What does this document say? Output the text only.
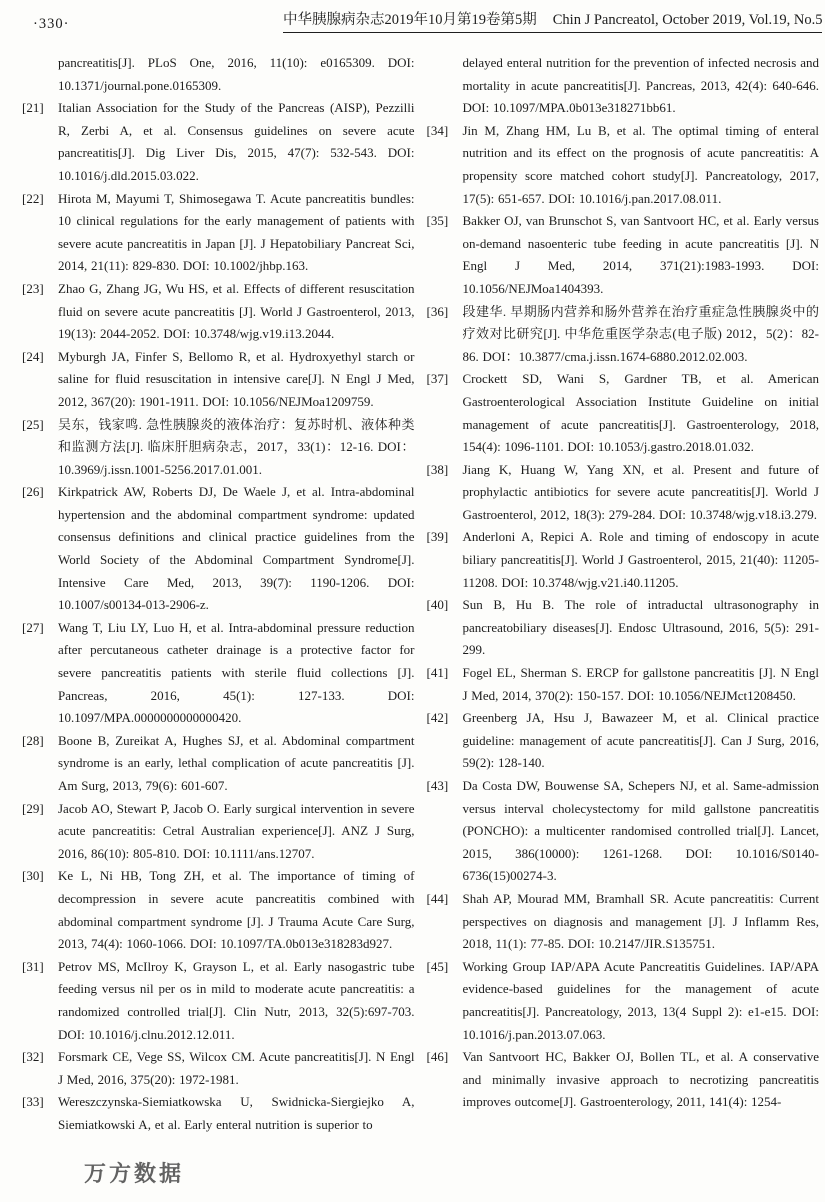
·330·	中华胰腺病杂志2019年10月第19卷第5期 Chin J Pancreatol, October 2019, Vol.19, No.5
pancreatitis[J]. PLoS One, 2016, 11(10): e0165309. DOI: 10.1371/journal.pone.0165309.
[21]	Italian Association for the Study of the Pancreas (AISP), Pezzilli R, Zerbi A, et al. Consensus guidelines on severe acute pancreatitis[J]. Dig Liver Dis, 2015, 47(7): 532-543. DOI: 10.1016/j.dld.2015.03.022.
[22]	Hirota M, Mayumi T, Shimosegawa T. Acute pancreatitis bundles: 10 clinical regulations for the early management of patients with severe acute pancreatitis in Japan [J]. J Hepatobiliary Pancreat Sci, 2014, 21(11): 829-830. DOI: 10.1002/jhbp.163.
[23]	Zhao G, Zhang JG, Wu HS, et al. Effects of different resuscitation fluid on severe acute pancreatitis [J]. World J Gastroenterol, 2013, 19(13): 2044-2052. DOI: 10.3748/wjg.v19.i13.2044.
[24]	Myburgh JA, Finfer S, Bellomo R, et al. Hydroxyethyl starch or saline for fluid resuscitation in intensive care[J]. N Engl J Med, 2012, 367(20): 1901-1911. DOI: 10.1056/NEJMoa1209759.
[25]	吴东，钱家鸣. 急性胰腺炎的液体治疗：复苏时机、液体种类和监测方法[J]. 临床肝胆病杂志，2017，33(1)：12-16. DOI：10.3969/j.issn.1001-5256.2017.01.001.
[26]	Kirkpatrick AW, Roberts DJ, De Waele J, et al. Intra-abdominal hypertension and the abdominal compartment syndrome: updated consensus definitions and clinical practice guidelines from the World Society of the Abdominal Compartment Syndrome[J]. Intensive Care Med, 2013, 39(7): 1190-1206. DOI: 10.1007/s00134-013-2906-z.
[27]	Wang T, Liu LY, Luo H, et al. Intra-abdominal pressure reduction after percutaneous catheter drainage is a protective factor for severe pancreatitis patients with sterile fluid collections [J]. Pancreas, 2016, 45(1): 127-133. DOI: 10.1097/MPA.0000000000000420.
[28]	Boone B, Zureikat A, Hughes SJ, et al. Abdominal compartment syndrome is an early, lethal complication of acute pancreatitis [J]. Am Surg, 2013, 79(6): 601-607.
[29]	Jacob AO, Stewart P, Jacob O. Early surgical intervention in severe acute pancreatitis: Cetral Australian experience[J]. ANZ J Surg, 2016, 86(10): 805-810. DOI: 10.1111/ans.12707.
[30]	Ke L, Ni HB, Tong ZH, et al. The importance of timing of decompression in severe acute pancreatitis combined with abdominal compartment syndrome [J]. J Trauma Acute Care Surg, 2013, 74(4): 1060-1066. DOI: 10.1097/TA.0b013e318283d927.
[31]	Petrov MS, McIlroy K, Grayson L, et al. Early nasogastric tube feeding versus nil per os in mild to moderate acute pancreatitis: a randomized controlled trial[J]. Clin Nutr, 2013, 32(5):697-703. DOI: 10.1016/j.clnu.2012.12.011.
[32]	Forsmark CE, Vege SS, Wilcox CM. Acute pancreatitis[J]. N Engl J Med, 2016, 375(20): 1972-1981.
[33]	Wereszczynska-Siemiatkowska U, Swidnicka-Siergiejko A, Siemiatkowski A, et al. Early enteral nutrition is superior to
delayed enteral nutrition for the prevention of infected necrosis and mortality in acute pancreatitis[J]. Pancreas, 2013, 42(4): 640-646. DOI: 10.1097/MPA.0b013e318271bb61.
[34]	Jin M, Zhang HM, Lu B, et al. The optimal timing of enteral nutrition and its effect on the prognosis of acute pancreatitis: A propensity score matched cohort study[J]. Pancreatology, 2017, 17(5): 651-657. DOI: 10.1016/j.pan.2017.08.011.
[35]	Bakker OJ, van Brunschot S, van Santvoort HC, et al. Early versus on-demand nasoenteric tube feeding in acute pancreatitis [J]. N Engl J Med, 2014, 371(21):1983-1993. DOI: 10.1056/NEJMoa1404393.
[36]	段建华. 早期肠内营养和肠外营养在治疗重症急性胰腺炎中的疗效对比研究[J]. 中华危重医学杂志(电子版) 2012，5(2)：82-86. DOI：10.3877/cma.j.issn.1674-6880.2012.02.003.
[37]	Crockett SD, Wani S, Gardner TB, et al. American Gastroenterological Association Institute Guideline on initial management of acute pancreatitis[J]. Gastroenterology, 2018, 154(4): 1096-1101. DOI: 10.1053/j.gastro.2018.01.032.
[38]	Jiang K, Huang W, Yang XN, et al. Present and future of prophylactic antibiotics for severe acute pancreatitis[J]. World J Gastroenterol, 2012, 18(3): 279-284. DOI: 10.3748/wjg.v18.i3.279.
[39]	Anderloni A, Repici A. Role and timing of endoscopy in acute biliary pancreatitis[J]. World J Gastroenterol, 2015, 21(40): 11205-11208. DOI: 10.3748/wjg.v21.i40.11205.
[40]	Sun B, Hu B. The role of intraductal ultrasonography in pancreatobiliary diseases[J]. Endosc Ultrasound, 2016, 5(5): 291-299.
[41]	Fogel EL, Sherman S. ERCP for gallstone pancreatitis [J]. N Engl J Med, 2014, 370(2): 150-157. DOI: 10.1056/NEJMct1208450.
[42]	Greenberg JA, Hsu J, Bawazeer M, et al. Clinical practice guideline: management of acute pancreatitis[J]. Can J Surg, 2016, 59(2): 128-140.
[43]	Da Costa DW, Bouwense SA, Schepers NJ, et al. Same-admission versus interval cholecystectomy for mild gallstone pancreatitis (PONCHO): a multicenter randomised controlled trial[J]. Lancet, 2015, 386(10000): 1261-1268. DOI: 10.1016/S0140-6736(15)00274-3.
[44]	Shah AP, Mourad MM, Bramhall SR. Acute pancreatitis: Current perspectives on diagnosis and management [J]. J Inflamm Res, 2018, 11(1): 77-85. DOI: 10.2147/JIR.S135751.
[45]	Working Group IAP/APA Acute Pancreatitis Guidelines. IAP/APA evidence-based guidelines for the management of acute pancreatitis[J]. Pancreatology, 2013, 13(4 Suppl 2): e1-e15. DOI: 10.1016/j.pan.2013.07.063.
[46]	Van Santvoort HC, Bakker OJ, Bollen TL, et al. A conservative and minimally invasive approach to necrotizing pancreatitis improves outcome[J]. Gastroenterology, 2011, 141(4): 1254-
万方数据
